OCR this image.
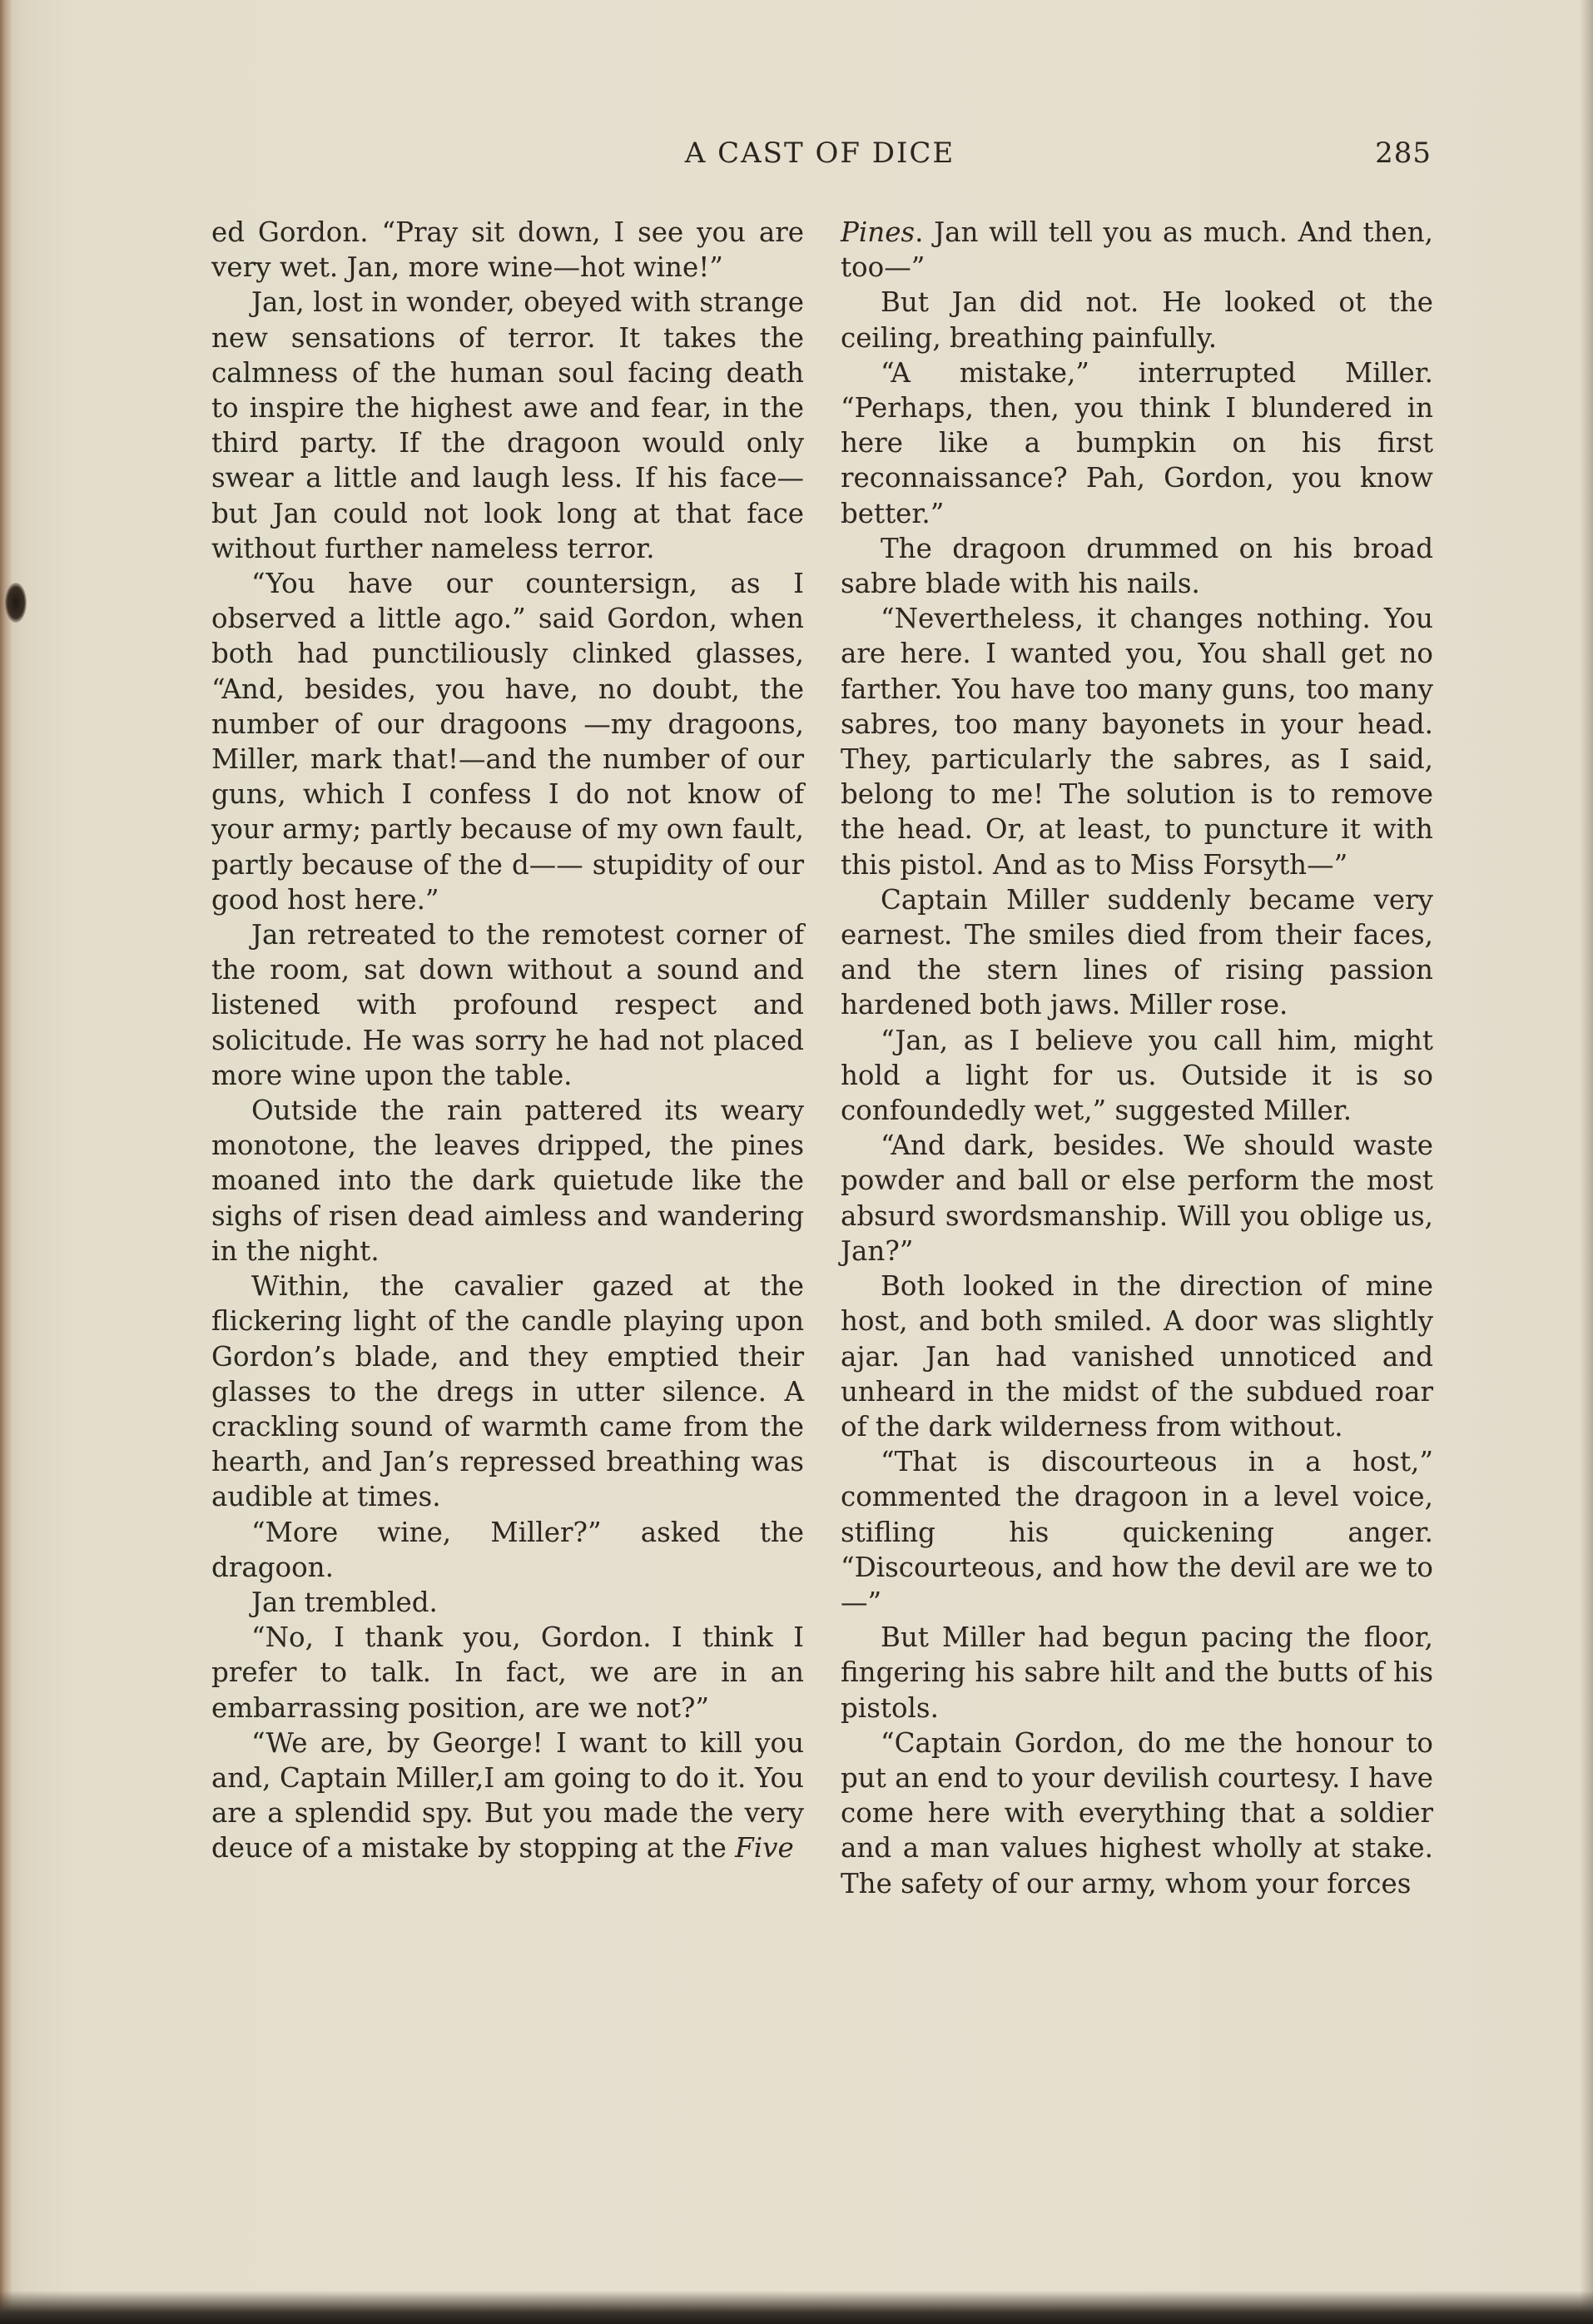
A CAST OF DICE	285

ed Gordon. “Pray sit down, I see you are very wet. Jan, more wine—hot wine!”

Jan, lost in wonder, obeyed with strange new sensations of terror. It takes the calmness of the human soul facing death to inspire the highest awe and fear, in the third party. If the dragoon would only swear a little and laugh less. If his face—but Jan could not look long at that face without further nameless terror.

“You have our countersign, as I observed a little ago.” said Gordon, when both had punctiliously clinked glasses, “And, besides, you have, no doubt, the number of our dragoons —my dragoons, Miller, mark that!—and the number of our guns, which I confess I do not know of your army; partly because of my own fault, partly because of the d—— stupidity of our good host here.”

Jan retreated to the remotest corner of the room, sat down without a sound and listened with profound respect and solicitude. He was sorry he had not placed more wine upon the table.

Outside the rain pattered its weary monotone, the leaves dripped, the pines moaned into the dark quietude like the sighs of risen dead aimless and wandering in the night.

Within, the cavalier gazed at the flickering light of the candle playing upon Gordon’s blade, and they emptied their glasses to the dregs in utter silence. A crackling sound of warmth came from the hearth, and Jan’s repressed breathing was audible at times.

“More wine, Miller?” asked the dragoon.

Jan trembled.

“No, I thank you, Gordon. I think I prefer to talk. In fact, we are in an embarrassing position, are we not?”

“We are, by George! I want to kill you and, Captain Miller,I am going to do it. You are a splendid spy. But you made the very deuce of a mistake by stopping at the Five

Pines. Jan will tell you as much. And then, too—”

But Jan did not. He looked ot the ceiling, breathing painfully.

“A mistake,” interrupted Miller. “Perhaps, then, you think I blundered in here like a bumpkin on his first reconnaissance? Pah, Gordon, you know better.”

The dragoon drummed on his broad sabre blade with his nails.

“Nevertheless, it changes nothing. You are here. I wanted you, You shall get no farther. You have too many guns, too many sabres, too many bayonets in your head. They, particularly the sabres, as I said, belong to me! The solution is to remove the head. Or, at least, to puncture it with this pistol. And as to Miss Forsyth—”

Captain Miller suddenly became very earnest. The smiles died from their faces, and the stern lines of rising passion hardened both jaws. Miller rose.

“Jan, as I believe you call him, might hold a light for us. Outside it is so confoundedly wet,” suggested Miller.

“And dark, besides. We should waste powder and ball or else perform the most absurd swordsmanship. Will you oblige us, Jan?”

Both looked in the direction of mine host, and both smiled. A door was slightly ajar. Jan had vanished unnoticed and unheard in the midst of the subdued roar of the dark wilderness from without.

“That is discourteous in a host,” commented the dragoon in a level voice, stifling his quickening anger. “Discourteous, and how the devil are we to—”

But Miller had begun pacing the floor, fingering his sabre hilt and the butts of his pistols.

“Captain Gordon, do me the honour to put an end to your devilish courtesy. I have come here with everything that a soldier and a man values highest wholly at stake. The safety of our army, whom your forces
